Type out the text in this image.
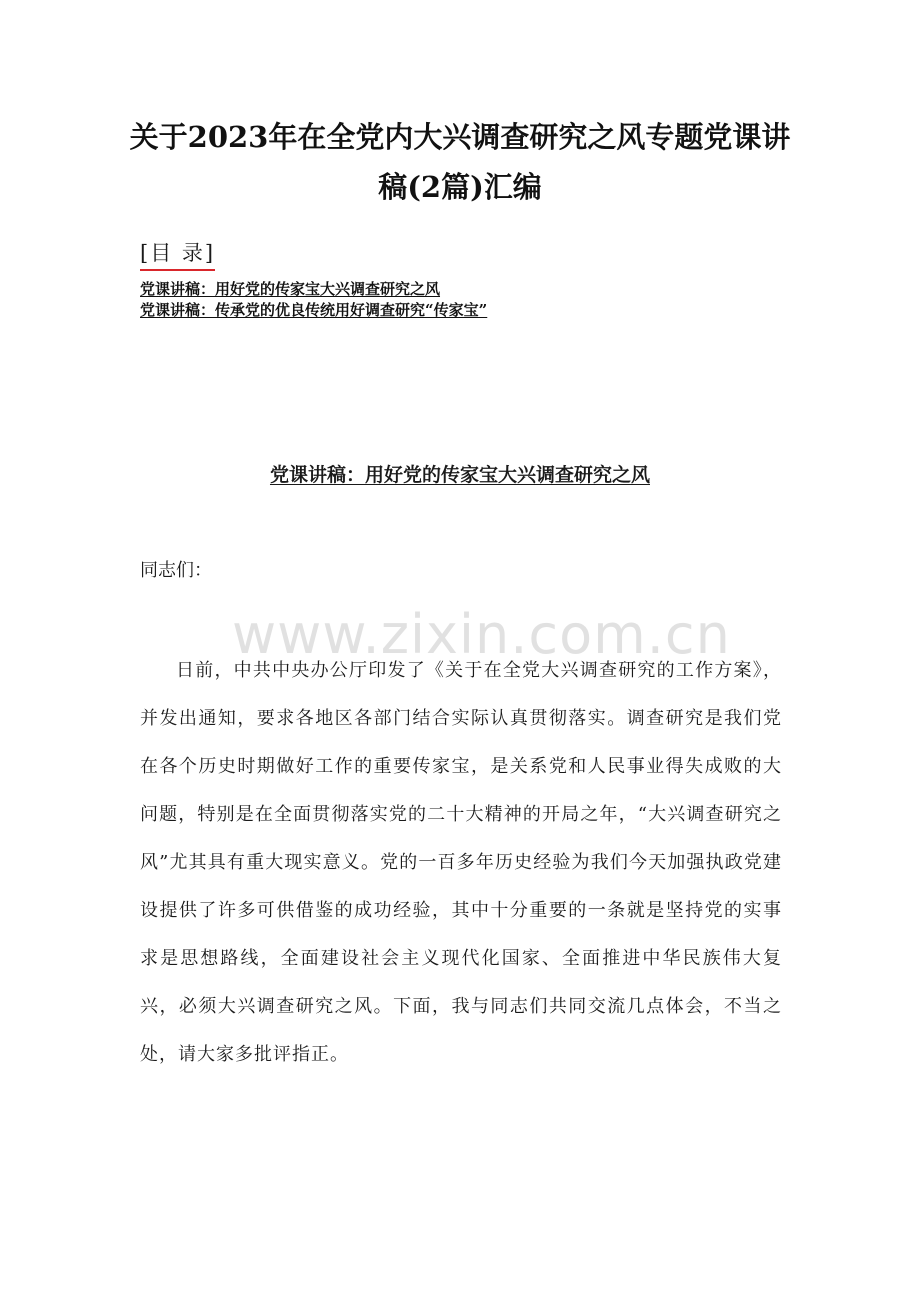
关于2023年在全党内大兴调查研究之风专题党课讲稿(2篇)汇编
[目 录]
党课讲稿：用好党的传家宝大兴调查研究之风
党课讲稿：传承党的优良传统用好调查研究“传家宝”
党课讲稿：用好党的传家宝大兴调查研究之风

同志们：

www.zixin.com.cn

日前，中共中央办公厅印发了《关于在全党大兴调查研究的工作方案》，并发出通知，要求各地区各部门结合实际认真贯彻落实。调查研究是我们党在各个历史时期做好工作的重要传家宝，是关系党和人民事业得失成败的大问题，特别是在全面贯彻落实党的二十大精神的开局之年，“大兴调查研究之风”尤其具有重大现实意义。党的一百多年历史经验为我们今天加强执政党建设提供了许多可供借鉴的成功经验，其中十分重要的一条就是坚持党的实事求是思想路线，全面建设社会主义现代化国家、全面推进中华民族伟大复兴，必须大兴调查研究之风。下面，我与同志们共同交流几点体会，不当之处，请大家多批评指正。
